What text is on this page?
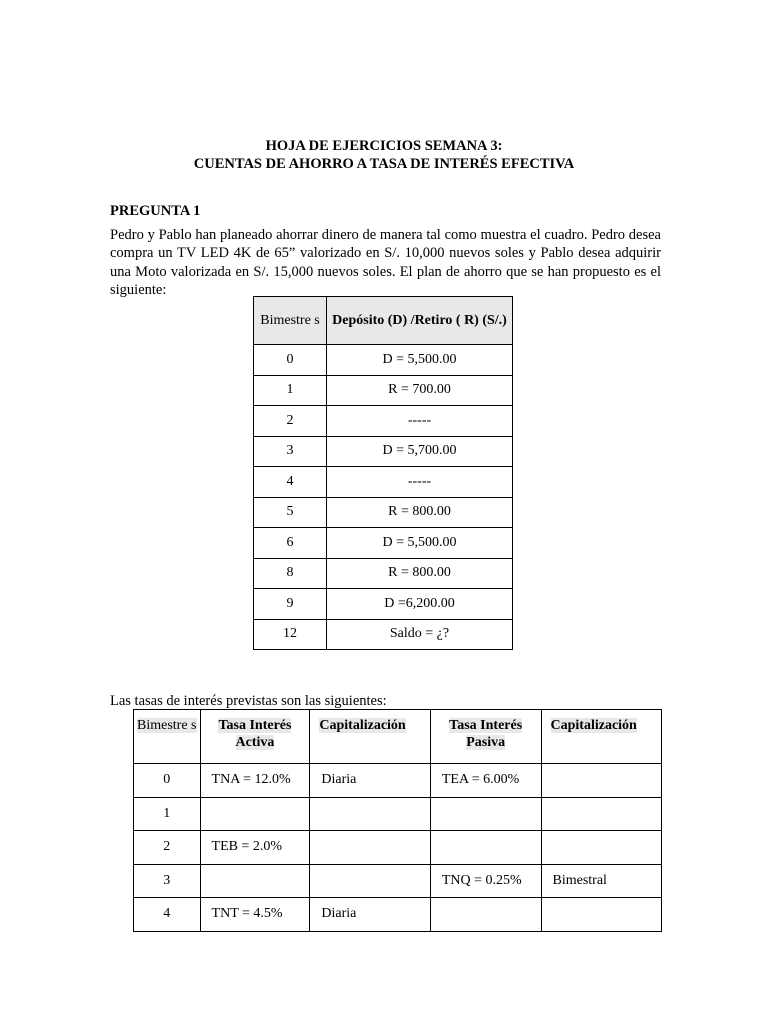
HOJA DE EJERCICIOS SEMANA 3:
CUENTAS DE AHORRO A TASA DE INTERÉS EFECTIVA
PREGUNTA 1
Pedro y Pablo han planeado ahorrar dinero de manera tal como muestra el cuadro. Pedro desea compra un TV LED 4K de 65” valorizado en S/. 10,000 nuevos soles y Pablo desea adquirir una Moto valorizada en S/. 15,000 nuevos soles. El plan de ahorro que se han propuesto es el siguiente:
Bimestre s	Depósito (D) /Retiro ( R) (S/.)
0	D = 5,500.00
1	R = 700.00
2	-----
3	D = 5,700.00
4	-----
5	R = 800.00
6	D = 5,500.00
8	R = 800.00
9	D =6,200.00
12	Saldo = ¿?
Las tasas de interés previstas son las siguientes:
Bimestre s	Tasa Interés Activa	Capitalización	Tasa Interés Pasiva	Capitalización
0	TNA = 12.0%	Diaria	TEA = 6.00%	
1				
2	TEB = 2.0%			
3			TNQ = 0.25%	Bimestral
4	TNT = 4.5%	Diaria		
